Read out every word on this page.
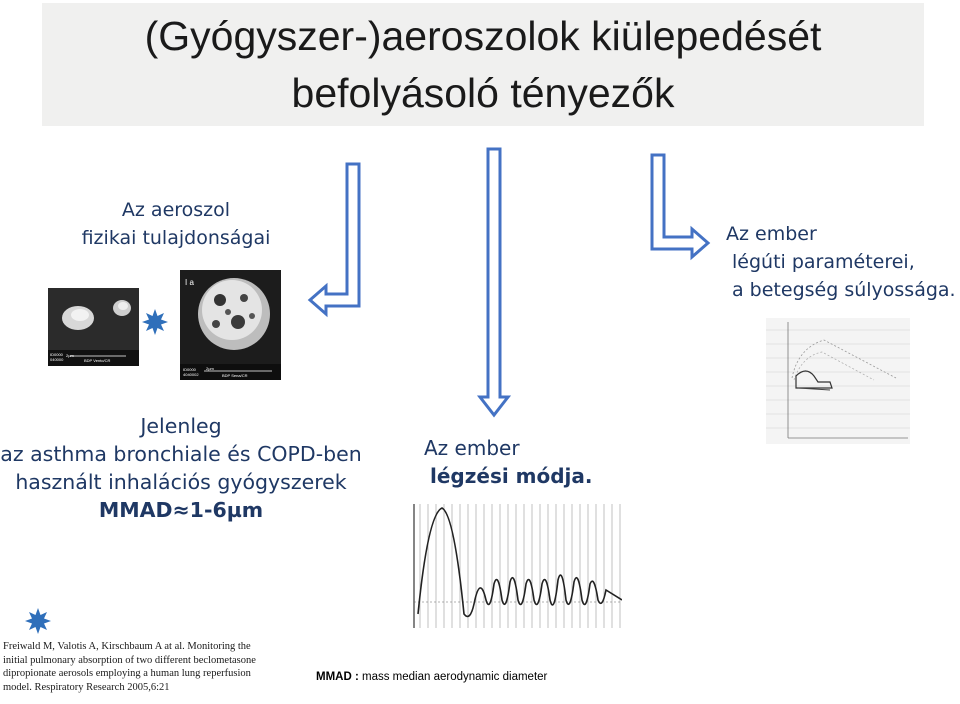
(Gyógyszer-)aeroszolok kiülepedését
befolyásoló tényezők
Az aeroszol
fizikai tulajdonságai	Az ember
légúti paraméterei,
a betegség súlyossága.
Jelenleg
az asthma bronchiale és COPD-ben
használt inhalációs gyógyszerek
MMAD≈1-6µm
Az ember
légzési módja.
ID0000
040000
2µm
BDP Vento/CR
I a
ID0000
4040002
2µm
BDP Sena/CR
Freiwald M, Valotis A, Kirschbaum A at al. Monitoring the initial pulmonary absorption of two different beclometasone dipropionate aerosols employing a human lung reperfusion model. Respiratory Research 2005,6:21
MMAD : mass median aerodynamic diameter
